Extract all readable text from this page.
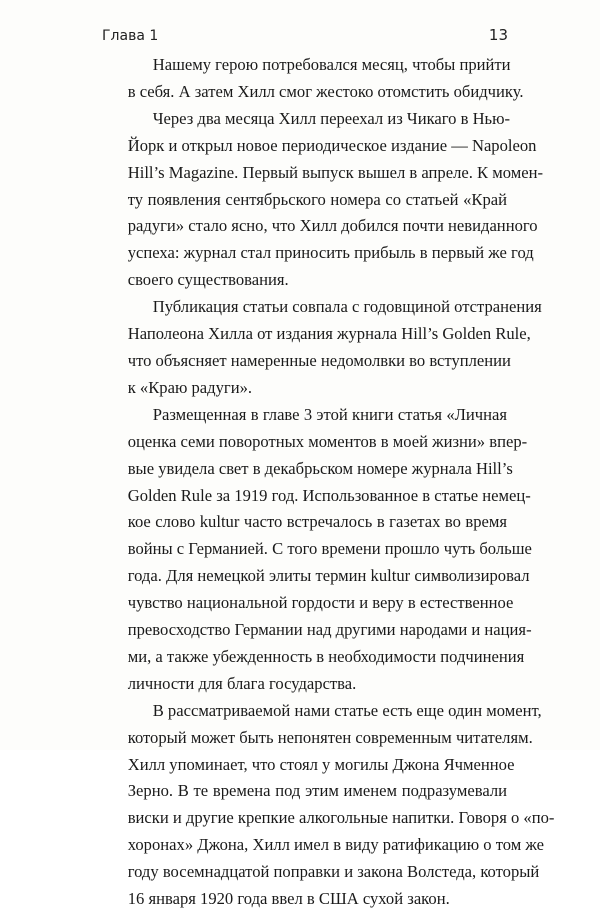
Глава 1	13

Нашему герою потребовался месяц, чтобы прийти
в себя. А затем Хилл смог жестоко отомстить обидчику.

Через два месяца Хилл переехал из Чикаго в Нью-
Йорк и открыл новое периодическое издание — Napoleon
Hill’s Magazine. Первый выпуск вышел в апреле. К момен-
ту появления сентябрьского номера со статьей «Край
радуги» стало ясно, что Хилл добился почти невиданного
успеха: журнал стал приносить прибыль в первый же год
своего существования.

Публикация статьи совпала с годовщиной отстранения
Наполеона Хилла от издания журнала Hill’s Golden Rule,
что объясняет намеренные недомолвки во вступлении
к «Краю радуги».

Размещенная в главе 3 этой книги статья «Личная
оценка семи поворотных моментов в моей жизни» впер-
вые увидела свет в декабрьском номере журнала Hill’s
Golden Rule за 1919 год. Использованное в статье немец-
кое слово kultur часто встречалось в газетах во время
войны с Германией. С того времени прошло чуть больше
года. Для немецкой элиты термин kultur символизировал
чувство национальной гордости и веру в естественное
превосходство Германии над другими народами и нация-
ми, а также убежденность в необходимости подчинения
личности для блага государства.

В рассматриваемой нами статье есть еще один момент,
который может быть непонятен современным читателям.
Хилл упоминает, что стоял у могилы Джона Ячменное
Зерно. В те времена под этим именем подразумевали
виски и другие крепкие алкогольные напитки. Говоря о «по-
хоронах» Джона, Хилл имел в виду ратификацию о том же
году восемнадцатой поправки и закона Волстеда, который
16 января 1920 года ввел в США сухой закон.
